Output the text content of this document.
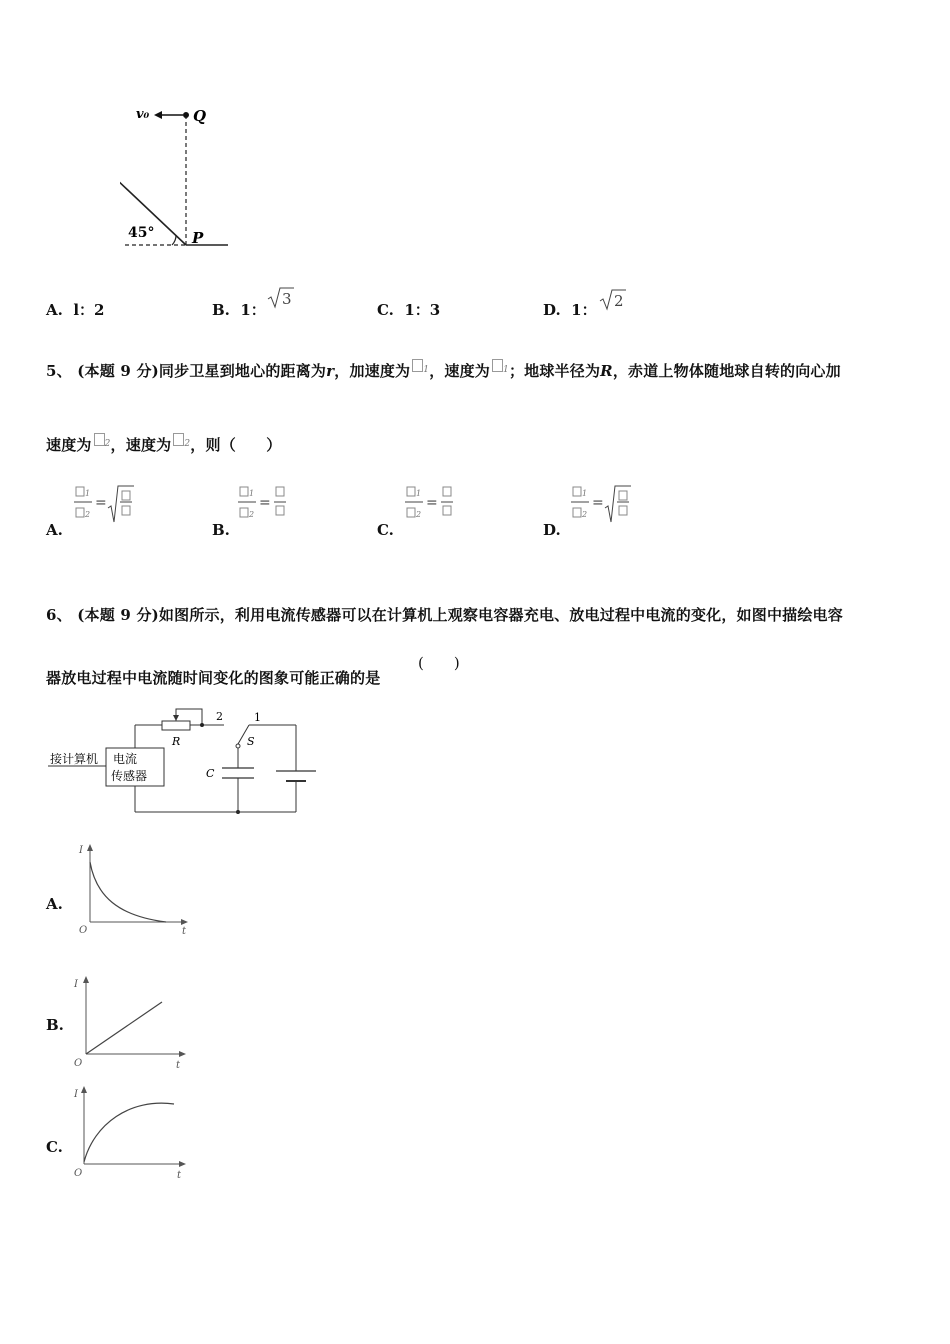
v₀	Q
45°	P
A. l：2	B. 1：
3
C. 1：3	D. 1： 2
5、 (本题 9 分)同步卫星到地心的距离为r，加速度为 $^1$，速度为 $^1$；地球半径为R，赤道上物体随地球自转的向心加
速度为 $^2$，速度为 $^2$，则（　　）
A.	B.	C.	D.
1
2
=
1
2
=
1
2
=
1
2
=
6、 (本题 9 分)如图所示，利用电流传感器可以在计算机上观察电容器充电、放电过程中电流的变化，如图中描绘电容
器放电过程中电流随时间变化的图象可能正确的是
(　　)
接计算机 电流
传感器
R
2	1
S
C
A.
I
O	t
B.
I
O	t
C.
I
O	t
